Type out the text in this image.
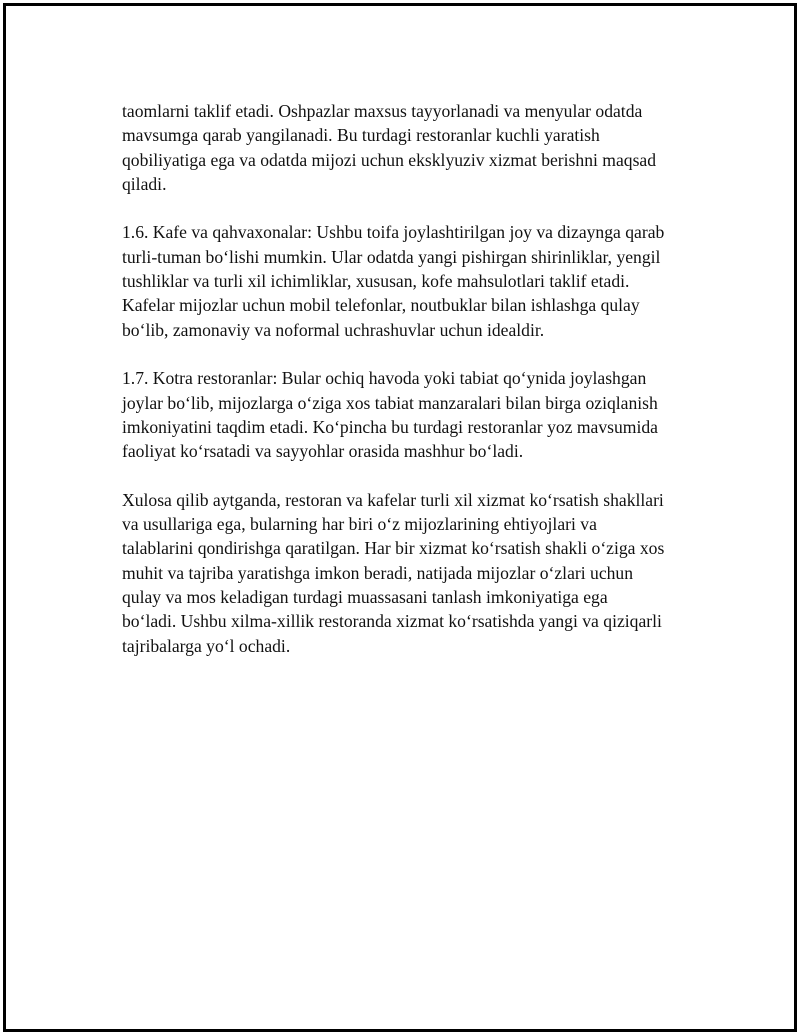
taomlarni taklif etadi. Oshpazlar maxsus tayyorlanadi va menyular odatda
mavsumga qarab yangilanadi. Bu turdagi restoranlar kuchli yaratish
qobiliyatiga ega va odatda mijozi uchun eksklyuziv xizmat berishni maqsad
qiladi.

1.6. Kafe va qahvaxonalar: Ushbu toifa joylashtirilgan joy va dizaynga qarab
turli-tuman bo‘lishi mumkin. Ular odatda yangi pishirgan shirinliklar, yengil
tushliklar va turli xil ichimliklar, xususan, kofe mahsulotlari taklif etadi.
Kafelar mijozlar uchun mobil telefonlar, noutbuklar bilan ishlashga qulay
bo‘lib, zamonaviy va noformal uchrashuvlar uchun idealdir.

1.7. Kotra restoranlar: Bular ochiq havoda yoki tabiat qo‘ynida joylashgan
joylar bo‘lib, mijozlarga o‘ziga xos tabiat manzaralari bilan birga oziqlanish
imkoniyatini taqdim etadi. Ko‘pincha bu turdagi restoranlar yoz mavsumida
faoliyat ko‘rsatadi va sayyohlar orasida mashhur bo‘ladi.

Xulosa qilib aytganda, restoran va kafelar turli xil xizmat ko‘rsatish shakllari
va usullariga ega, bularning har biri o‘z mijozlarining ehtiyojlari va
talablarini qondirishga qaratilgan. Har bir xizmat ko‘rsatish shakli o‘ziga xos
muhit va tajriba yaratishga imkon beradi, natijada mijozlar o‘zlari uchun
qulay va mos keladigan turdagi muassasani tanlash imkoniyatiga ega
bo‘ladi. Ushbu xilma-xillik restoranda xizmat ko‘rsatishda yangi va qiziqarli
tajribalarga yo‘l ochadi.
